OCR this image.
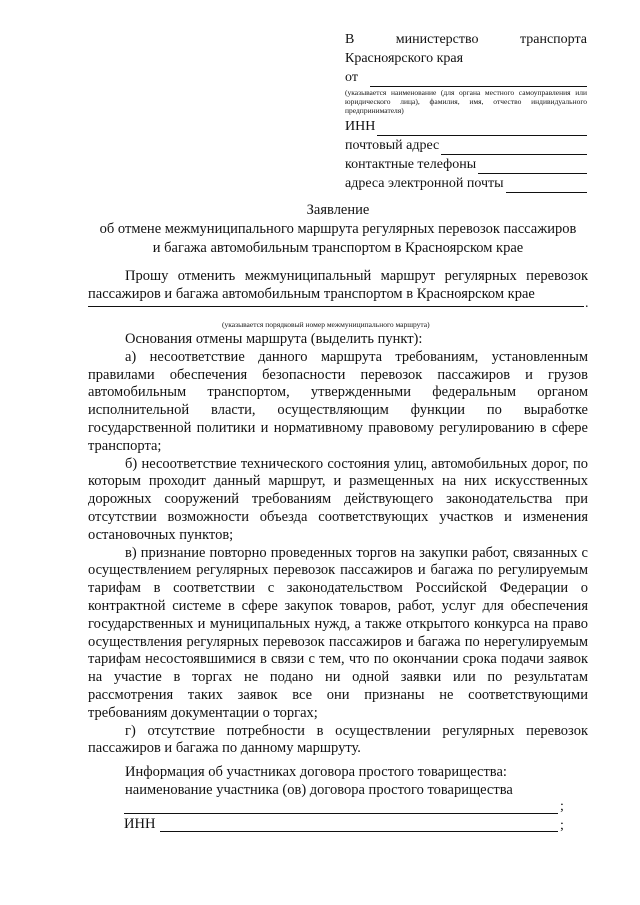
В	министерство	транспорта
Красноярского края
от
(указывается наименование (для органа местного самоуправления или юридического лица), фамилия, имя, отчество индивидуального предпринимателя)
ИНН
почтовый адрес
контактные телефоны
адреса электронной почты
Заявление
об отмене межмуниципального маршрута регулярных перевозок пассажиров
и багажа автомобильным транспортом в Красноярском крае

Прошу отменить межмуниципальный маршрут регулярных перевозок пассажиров и багажа автомобильным транспортом в Красноярском крае

.
(указывается порядковый номер межмуниципального маршрута)

Основания отмены маршрута (выделить пункт):

а) несоответствие данного маршрута требованиям, установленным правилами обеспечения безопасности перевозок пассажиров и грузов автомобильным транспортом, утвержденными федеральным органом исполнительной власти, осуществляющим функции по выработке государственной политики и нормативному правовому регулированию в сфере транспорта;

б) несоответствие технического состояния улиц, автомобильных дорог, по которым проходит данный маршрут, и размещенных на них искусственных дорожных сооружений требованиям действующего законодательства при отсутствии возможности объезда соответствующих участков и изменения остановочных пунктов;

в) признание повторно проведенных торгов на закупки работ, связанных с осуществлением регулярных перевозок пассажиров и багажа по регулируемым тарифам в соответствии с законодательством Российской Федерации о контрактной системе в сфере закупок товаров, работ, услуг для обеспечения государственных и муниципальных нужд, а также открытого конкурса на право осуществления регулярных перевозок пассажиров и багажа по нерегулируемым тарифам несостоявшимися в связи с тем, что по окончании срока подачи заявок на участие в торгах не подано ни одной заявки или по результатам рассмотрения таких заявок все они признаны не соответствующими требованиям документации о торгах;

г) отсутствие потребности в осуществлении регулярных перевозок пассажиров и багажа по данному маршруту.

Информация об участниках договора простого товарищества:
наименование участника (ов) договора простого товарищества
;
ИНН	;
